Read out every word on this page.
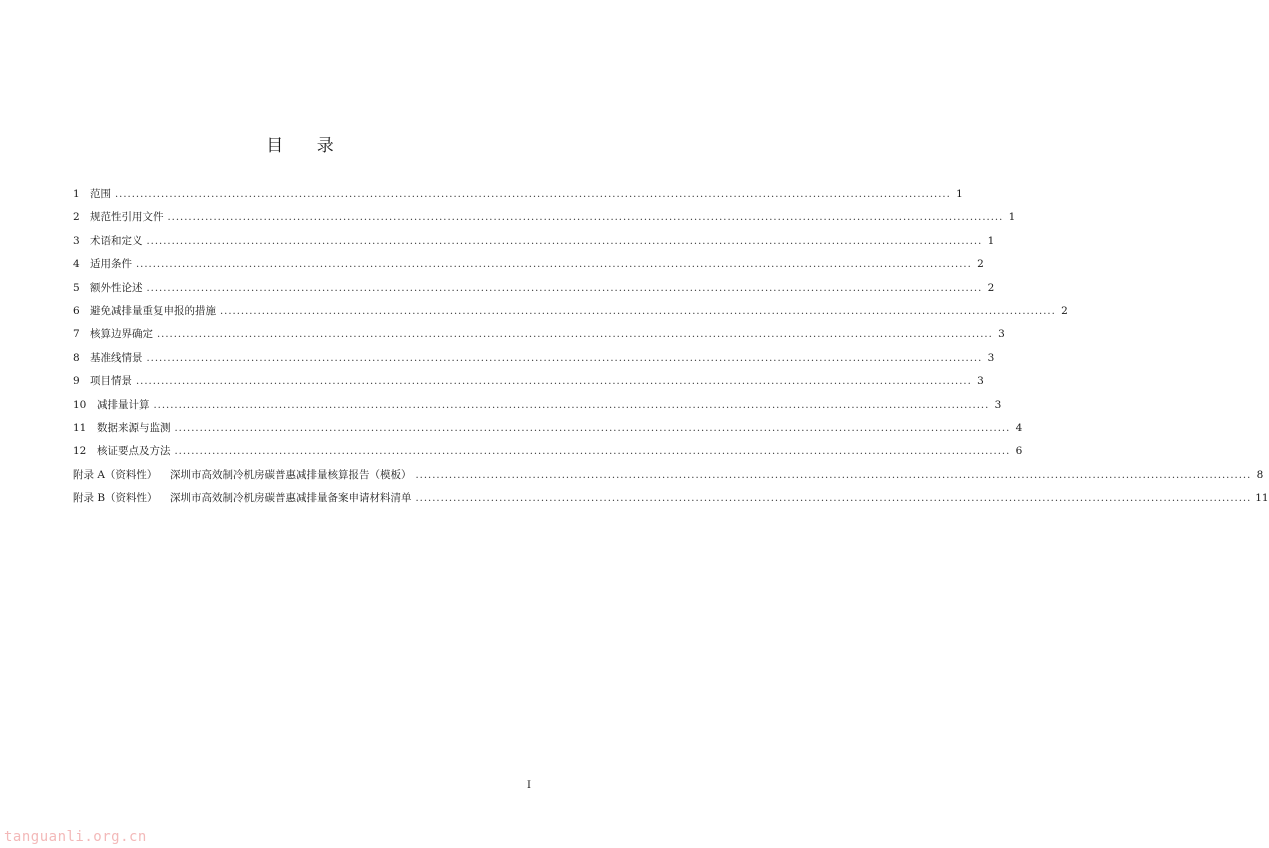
目 录
1 范围 ........................................................................................................................................................................................................ 1
2 规范性引用文件 ........................................................................................................................................................................................................ 1
3 术语和定义 ........................................................................................................................................................................................................ 1
4 适用条件 ........................................................................................................................................................................................................ 2
5 额外性论述 ........................................................................................................................................................................................................ 2
6 避免减排量重复申报的措施 ........................................................................................................................................................................................................ 2
7 核算边界确定 ........................................................................................................................................................................................................ 3
8 基准线情景 ........................................................................................................................................................................................................ 3
9 项目情景 ........................................................................................................................................................................................................ 3
10	减排量计算 ........................................................................................................................................................................................................ 3
11	数据来源与监测 ........................................................................................................................................................................................................ 4
12	核证要点及方法 ........................................................................................................................................................................................................ 6
附录 A（资料性）	深圳市高效制冷机房碳普惠减排量核算报告（模板） ........................................................................................................................................................................................................ 8
附录 B（资料性）	深圳市高效制冷机房碳普惠减排量备案申请材料清单 ........................................................................................................................................................................................................ 11
I
tanguanli.org.cn
